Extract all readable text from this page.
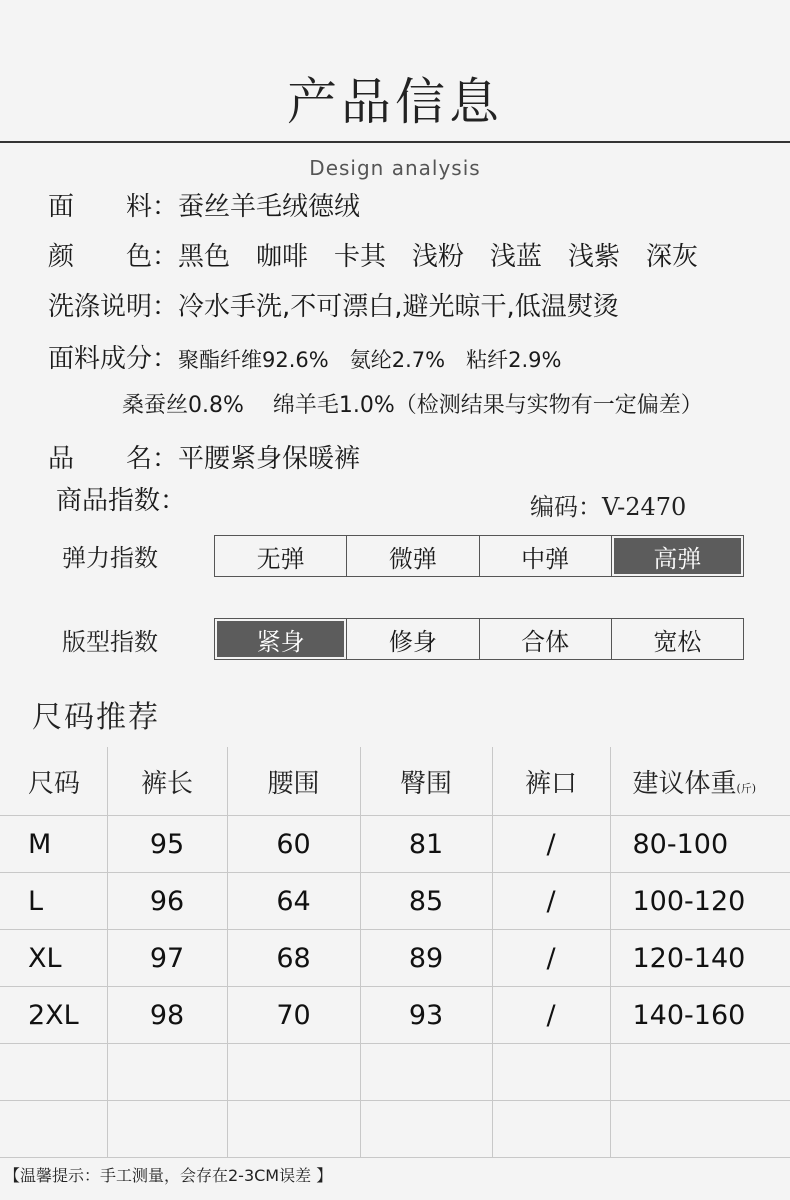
产品信息
Design analysis
面　　料：蚕丝羊毛绒德绒
颜　　色：黑色　咖啡　卡其　浅粉　浅蓝　浅紫　深灰
洗涤说明：冷水手洗,不可漂白,避光晾干,低温熨烫
面料成分：聚酯纤维92.6%　氨纶2.7%　粘纤2.9%
桑蚕丝0.8%　 绵羊毛1.0%（检测结果与实物有一定偏差）
品　　名：平腰紧身保暖裤
商品指数：	编码：V-2470
弹力指数	无弹	微弹	中弹	高弹
版型指数	紧身	修身	合体	宽松
尺码推荐
尺码	裤长	腰围	臀围	裤口	建议体重(斤)
M	95	60	81	/	80-100
L	96	64	85	/	100-120
XL	97	68	89	/	120-140
2XL	98	70	93	/	140-160

【温馨提示：手工测量，会存在2-3CM误差 】
